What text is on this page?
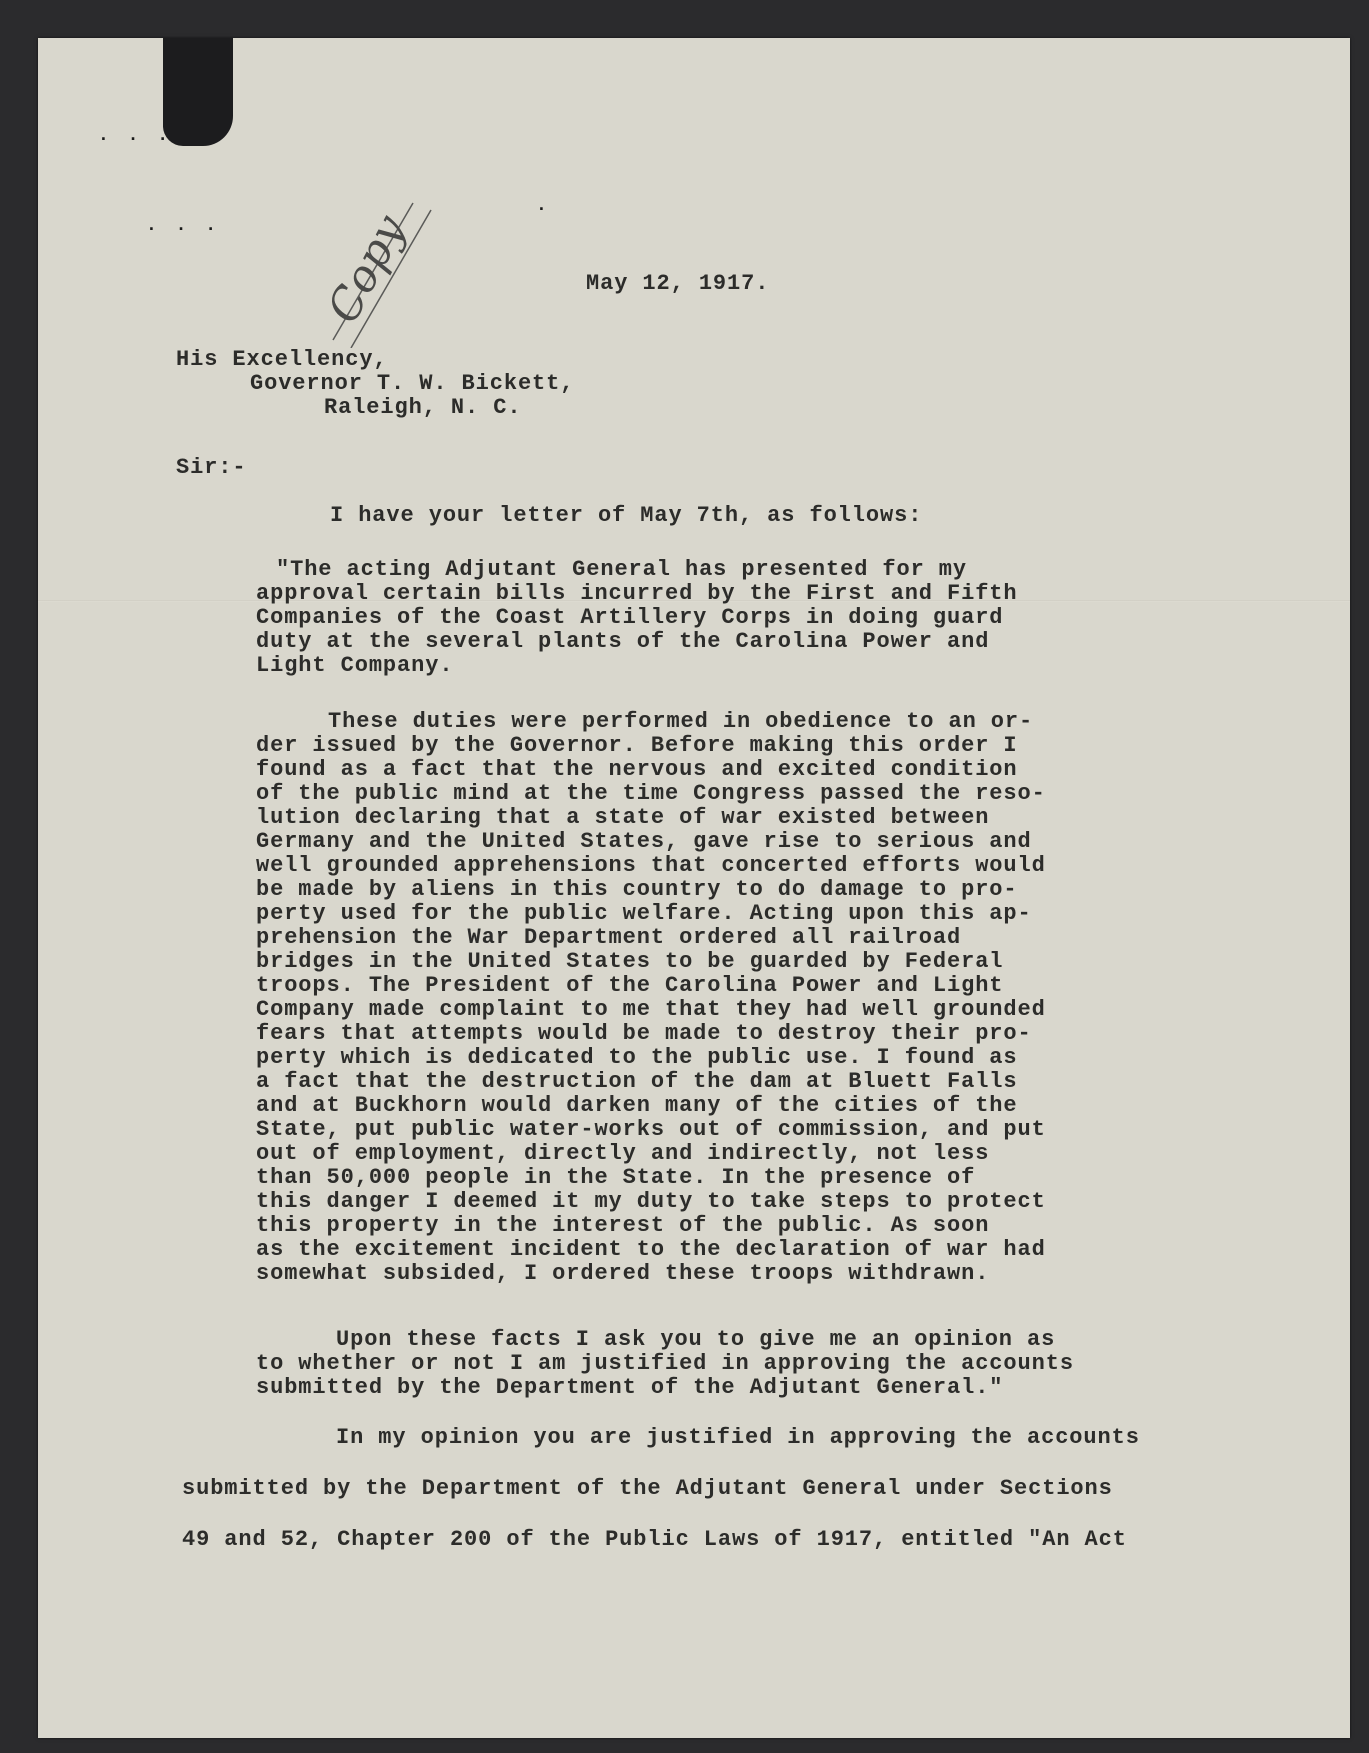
. . .
. . .
.
Copy	May 12, 1917.
His Excellency,
Governor T. W. Bickett,
Raleigh, N. C.
Sir:-
I have your letter of May 7th, as follows:
"The acting Adjutant General has presented for my
approval certain bills incurred by the First and Fifth
Companies of the Coast Artillery Corps in doing guard
duty at the several plants of the Carolina Power and
Light Company.
These duties were performed in obedience to an or-
der issued by the Governor. Before making this order I
found as a fact that the nervous and excited condition
of the public mind at the time Congress passed the reso-
lution declaring that a state of war existed between
Germany and the United States, gave rise to serious and
well grounded apprehensions that concerted efforts would
be made by aliens in this country to do damage to pro-
perty used for the public welfare. Acting upon this ap-
prehension the War Department ordered all railroad
bridges in the United States to be guarded by Federal
troops. The President of the Carolina Power and Light
Company made complaint to me that they had well grounded
fears that attempts would be made to destroy their pro-
perty which is dedicated to the public use. I found as
a fact that the destruction of the dam at Bluett Falls
and at Buckhorn would darken many of the cities of the
State, put public water-works out of commission, and put
out of employment, directly and indirectly, not less
than 50,000 people in the State. In the presence of
this danger I deemed it my duty to take steps to protect
this property in the interest of the public. As soon
as the excitement incident to the declaration of war had
somewhat subsided, I ordered these troops withdrawn.
Upon these facts I ask you to give me an opinion as
to whether or not I am justified in approving the accounts
submitted by the Department of the Adjutant General."
In my opinion you are justified in approving the accounts
submitted by the Department of the Adjutant General under Sections
49 and 52, Chapter 200 of the Public Laws of 1917, entitled "An Act
